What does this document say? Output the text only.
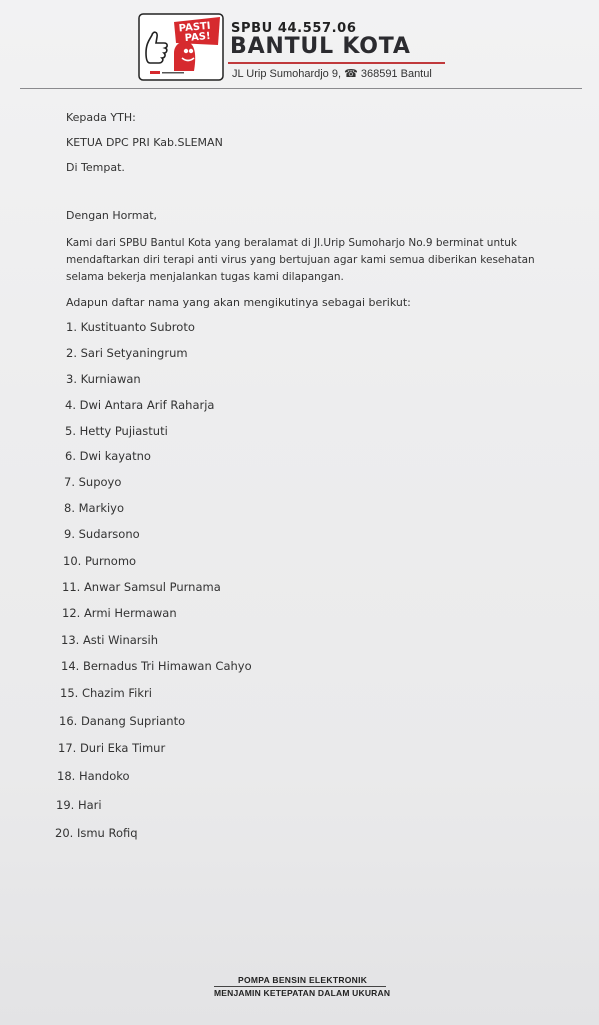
PASTI
PAS!
SPBU 44.557.06
BANTUL KOTA
JL Urip Sumohardjo 9, ☎ 368591 Bantul
Kepada YTH:
KETUA DPC PRI Kab.SLEMAN
Di Tempat.
Dengan Hormat,
Kami dari SPBU Bantul Kota yang beralamat di Jl.Urip Sumoharjo No.9 berminat untuk
mendaftarkan diri terapi anti virus yang bertujuan agar kami semua diberikan kesehatan
selama bekerja menjalankan tugas kami dilapangan.
Adapun daftar nama yang akan mengikutinya sebagai berikut:
1. Kustituanto Subroto
2. Sari Setyaningrum
3. Kurniawan
4. Dwi Antara Arif Raharja
5. Hetty Pujiastuti
6. Dwi kayatno
7. Supoyo
8. Markiyo
9. Sudarsono
10. Purnomo
11. Anwar Samsul Purnama
12. Armi Hermawan
13. Asti Winarsih
14. Bernadus Tri Himawan Cahyo
15. Chazim Fikri
16. Danang Suprianto
17. Duri Eka Timur
18. Handoko
19. Hari
20. Ismu Rofiq
POMPA BENSIN ELEKTRONIK
MENJAMIN KETEPATAN DALAM UKURAN
